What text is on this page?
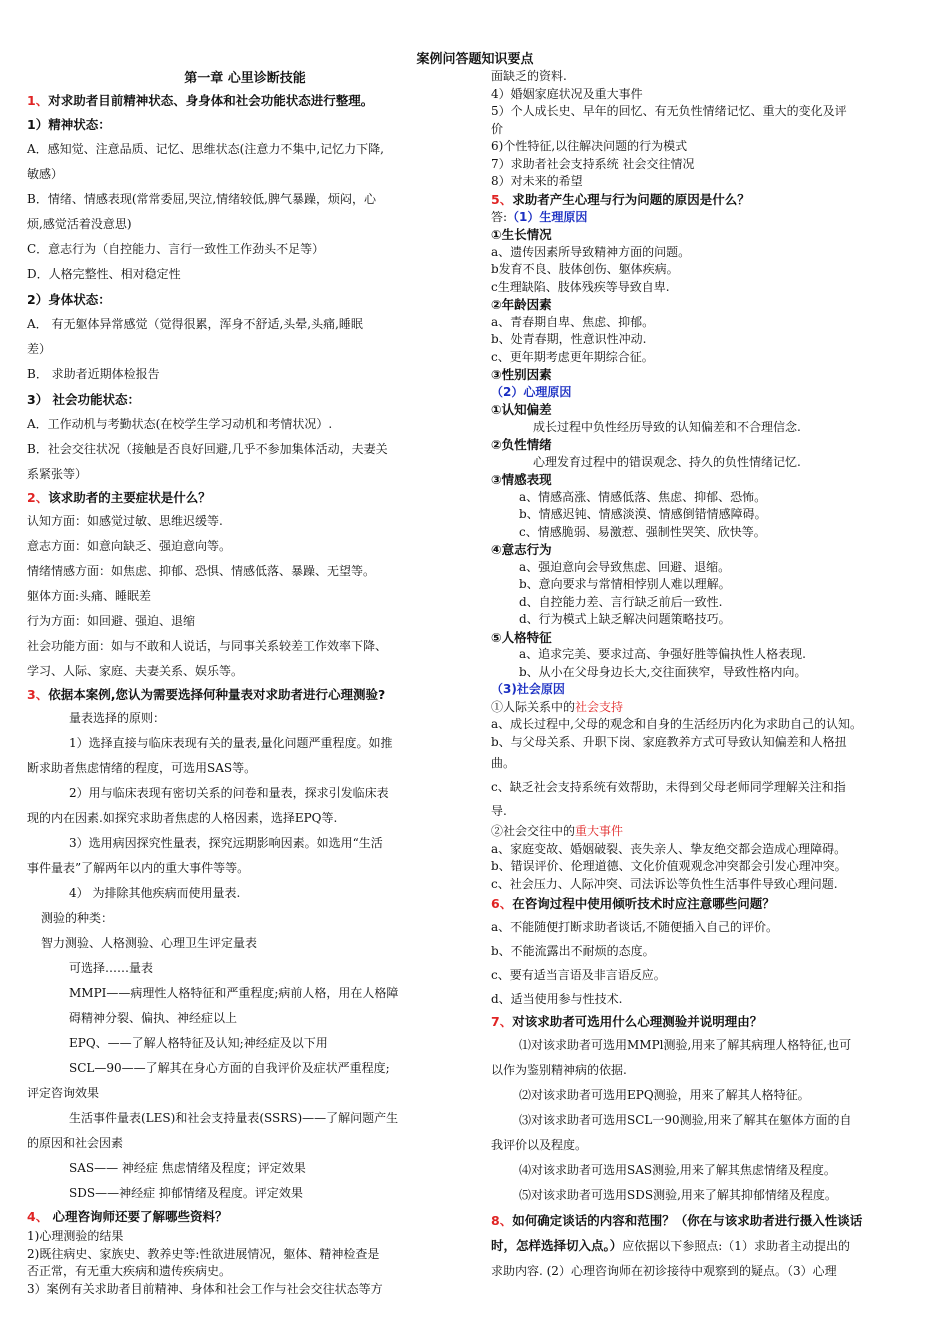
案例问答题知识要点
第一章 心里诊断技能
1、对求助者目前精神状态、身身体和社会功能状态进行整理。

1）精神状态：

A．感知觉、注意品质、记忆、思维状态(注意力不集中,记忆力下降,

敏感）

B．情绪、情感表现(常常委屈,哭泣,情绪较低,脾气暴躁，烦闷，心

烦,感觉活着没意思)

C．意志行为（自控能力、言行一致性工作劲头不足等）

D．人格完整性、相对稳定性

2）身体状态：

A． 有无躯体异常感觉（觉得很累，浑身不舒适,头晕,头痛,睡眠

差）

B． 求助者近期体检报告

3） 社会功能状态：

A．工作动机与考勤状态(在校学生学习动机和考情状况）.

B．社会交往状况（接触是否良好回避,几乎不参加集体活动，夫妻关

系紧张等）

2、该求助者的主要症状是什么？

认知方面：如感觉过敏、思维迟缓等.

意志方面：如意向缺乏、强迫意向等。

情绪情感方面：如焦虑、抑郁、恐惧、情感低落、暴躁、无望等。

躯体方面:头痛、睡眠差

行为方面：如回避、强迫、退缩

社会功能方面：如与不敢和人说话，与同事关系较差工作效率下降、

学习、人际、家庭、夫妻关系、娱乐等。

3、依据本案例,您认为需要选择何种量表对求助者进行心理测验?

量表选择的原则：

1）选择直接与临床表现有关的量表,量化问题严重程度。如推

断求助者焦虑情绪的程度，可选用SAS等。

2）用与临床表现有密切关系的问卷和量表，探求引发临床表

现的内在因素.如探究求助者焦虑的人格因素，选择EPQ等.

3）选用病因探究性量表，探究远期影响因素。如选用“生活

事件量表”了解两年以内的重大事件等等。

4） 为排除其他疾病而使用量表.

测验的种类：

智力测验、人格测验、心理卫生评定量表

可选择……量表

MMPI——病理性人格特征和严重程度;病前人格，用在人格障

碍精神分裂、偏执、神经症以上

EPQ、——了解人格特征及认知;神经症及以下用

SCL—90——了解其在身心方面的自我评价及症状严重程度;

评定咨询效果

生活事件量表(LES)和社会支持量表(SSRS)——了解问题产生

的原因和社会因素

SAS—— 神经症 焦虑情绪及程度；评定效果

SDS——神经症 抑郁情绪及程度。评定效果

4、 心理咨询师还要了解哪些资料？

1)心理测验的结果

2)既往病史、家族史、教养史等:性欲进展情况，躯体、精神检查是

否正常，有无重大疾病和遗传疾病史。

3）案例有关求助者目前精神、身体和社会工作与社会交往状态等方

面缺乏的资料.

4）婚姻家庭状况及重大事件

5）个人成长史、早年的回忆、有无负性情绪记忆、重大的变化及评

价

6)个性特征,以往解决问题的行为模式

7）求助者社会支持系统 社会交往情况

8）对未来的希望

5、求助者产生心理与行为问题的原因是什么？

答:（1）生理原因

①生长情况

a、遗传因素所导致精神方面的问题。

b发育不良、肢体创伤、躯体疾病。

c生理缺陷、肢体残疾等导致自卑.

②年龄因素

a、青春期自卑、焦虑、抑郁。

b、处青春期，性意识性冲动.

c、更年期考虑更年期综合征。

③性别因素

（2）心理原因

①认知偏差

成长过程中负性经历导致的认知偏差和不合理信念.

②负性情绪

心理发育过程中的错误观念、持久的负性情绪记忆.

③情感表现

a、情感高涨、情感低落、焦虑、抑郁、恐怖。

b、情感迟钝、情感淡漠、情感倒错情感障碍。

c、情感脆弱、易激惹、强制性哭笑、欣快等。

④意志行为

a、强迫意向会导致焦虑、回避、退缩。

b、意向要求与常情相悖别人难以理解。

d、自控能力差、言行缺乏前后一致性.

d、行为模式上缺乏解决问题策略技巧。

⑤人格特征

a、追求完美、要求过高、争强好胜等偏执性人格表现.

b、从小在父母身边长大,交往面狭窄，导致性格内向。

（3)社会原因

①人际关系中的社会支持

a、成长过程中,父母的观念和自身的生活经历内化为求助自己的认知。

b、与父母关系、升职下岗、家庭教养方式可导致认知偏差和人格扭

曲。

c、缺乏社会支持系统有效帮助，未得到父母老师同学理解关注和指

导.

②社会交往中的重大事件

a、家庭变故、婚姻破裂、丧失亲人、挚友绝交都会造成心理障碍。

b、错误评价、伦理道德、文化价值观观念冲突都会引发心理冲突。

c、社会压力、人际冲突、司法诉讼等负性生活事件导致心理问题.

6、在咨询过程中使用倾听技术时应注意哪些问题？

a、不能随便打断求助者谈话,不随便插入自己的评价。

b、不能流露出不耐烦的态度。

c、要有适当言语及非言语反应。

d、适当使用参与性技术.

7、对该求助者可选用什么心理测验并说明理由？

⑴对该求助者可选用MMPl测验,用来了解其病理人格特征,也可

以作为鉴别精神病的依据.

⑵对该求助者可选用EPQ测验，用来了解其人格特征。

⑶对该求助者可选用SCL一90测验,用来了解其在躯体方面的自

我评价以及程度。

⑷对该求助者可选用SAS测验,用来了解其焦虑情绪及程度。

⑸对该求助者可选用SDS测验,用来了解其抑郁情绪及程度。

8、如何确定谈话的内容和范围？（你在与该求助者进行摄入性谈话

时，怎样选择切入点。）应依据以下参照点:（1）求助者主动提出的

求助内容. (2）心理咨询师在初诊接待中观察到的疑点。（3）心理
